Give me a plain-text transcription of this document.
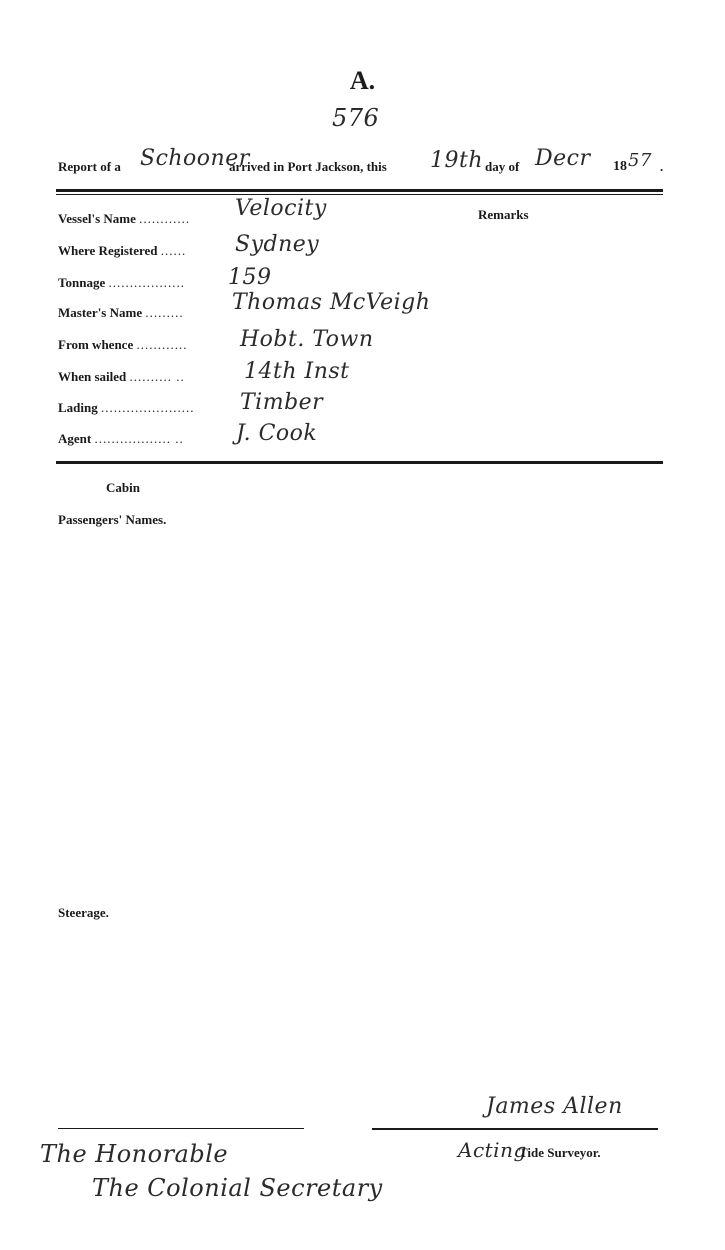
A.
576
Report of a Schooner
arrived in Port Jackson, this 19th day of Decr 18 57 .
Remarks
Vessel's Name ............	Velocity
Where Registered ......	Sydney
Tonnage ..................	159
Master's Name .........	Thomas McVeigh
From whence ............	Hobt. Town
When sailed .......... ..	14th Inst
Lading ......................	Timber
Agent .................. ..	J. Cook
Cabin
Passengers' Names.
Steerage.
James Allen
Acting
Tide Surveyor.
The Honorable
The Colonial Secretary
